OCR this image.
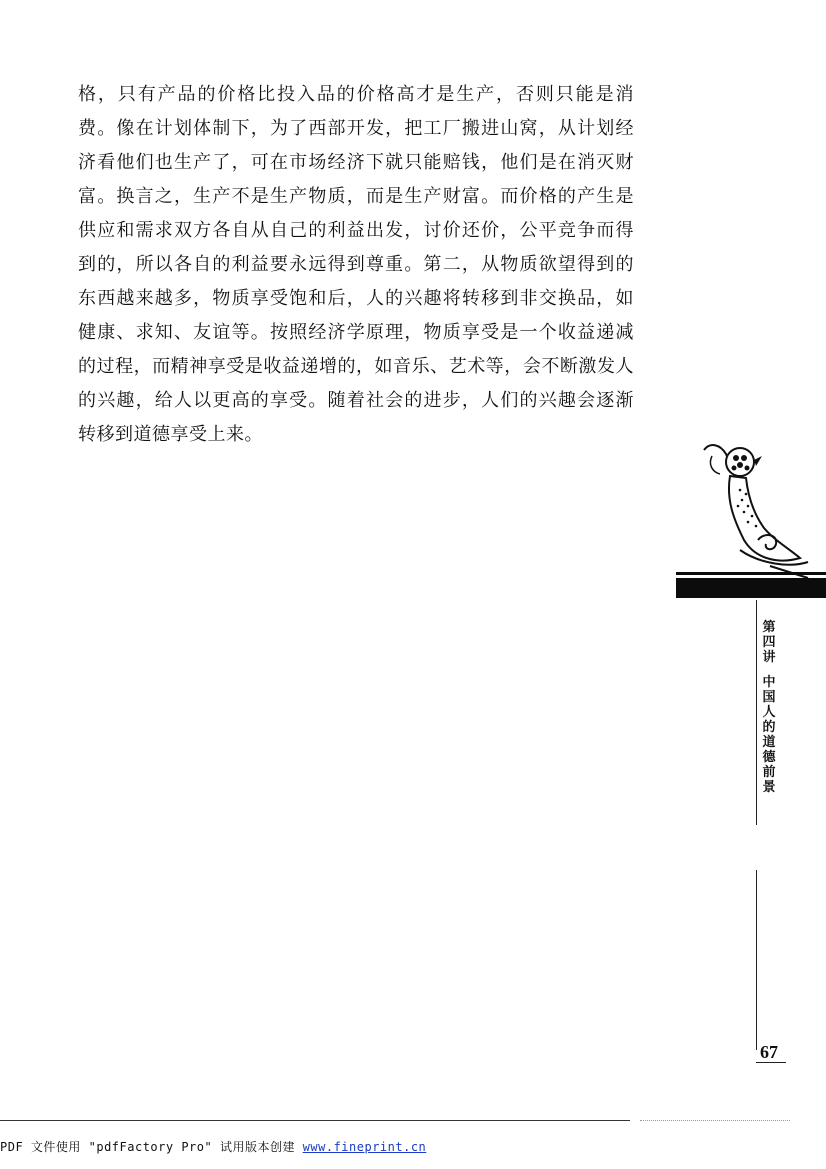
格，只有产品的价格比投入品的价格高才是生产，否则只能是消
费。像在计划体制下，为了西部开发，把工厂搬进山窝，从计划经
济看他们也生产了，可在市场经济下就只能赔钱，他们是在消灭财
富。换言之，生产不是生产物质，而是生产财富。而价格的产生是
供应和需求双方各自从自己的利益出发，讨价还价，公平竞争而得
到的，所以各自的利益要永远得到尊重。第二，从物质欲望得到的
东西越来越多，物质享受饱和后，人的兴趣将转移到非交换品，如
健康、求知、友谊等。按照经济学原理，物质享受是一个收益递减
的过程，而精神享受是收益递增的，如音乐、艺术等，会不断激发人
的兴趣，给人以更高的享受。随着社会的进步，人们的兴趣会逐渐
转移到道德享受上来。
第四讲
中国人的道德前景
67
PDF 文件使用 "pdfFactory Pro" 试用版本创建 www.fineprint.cn
